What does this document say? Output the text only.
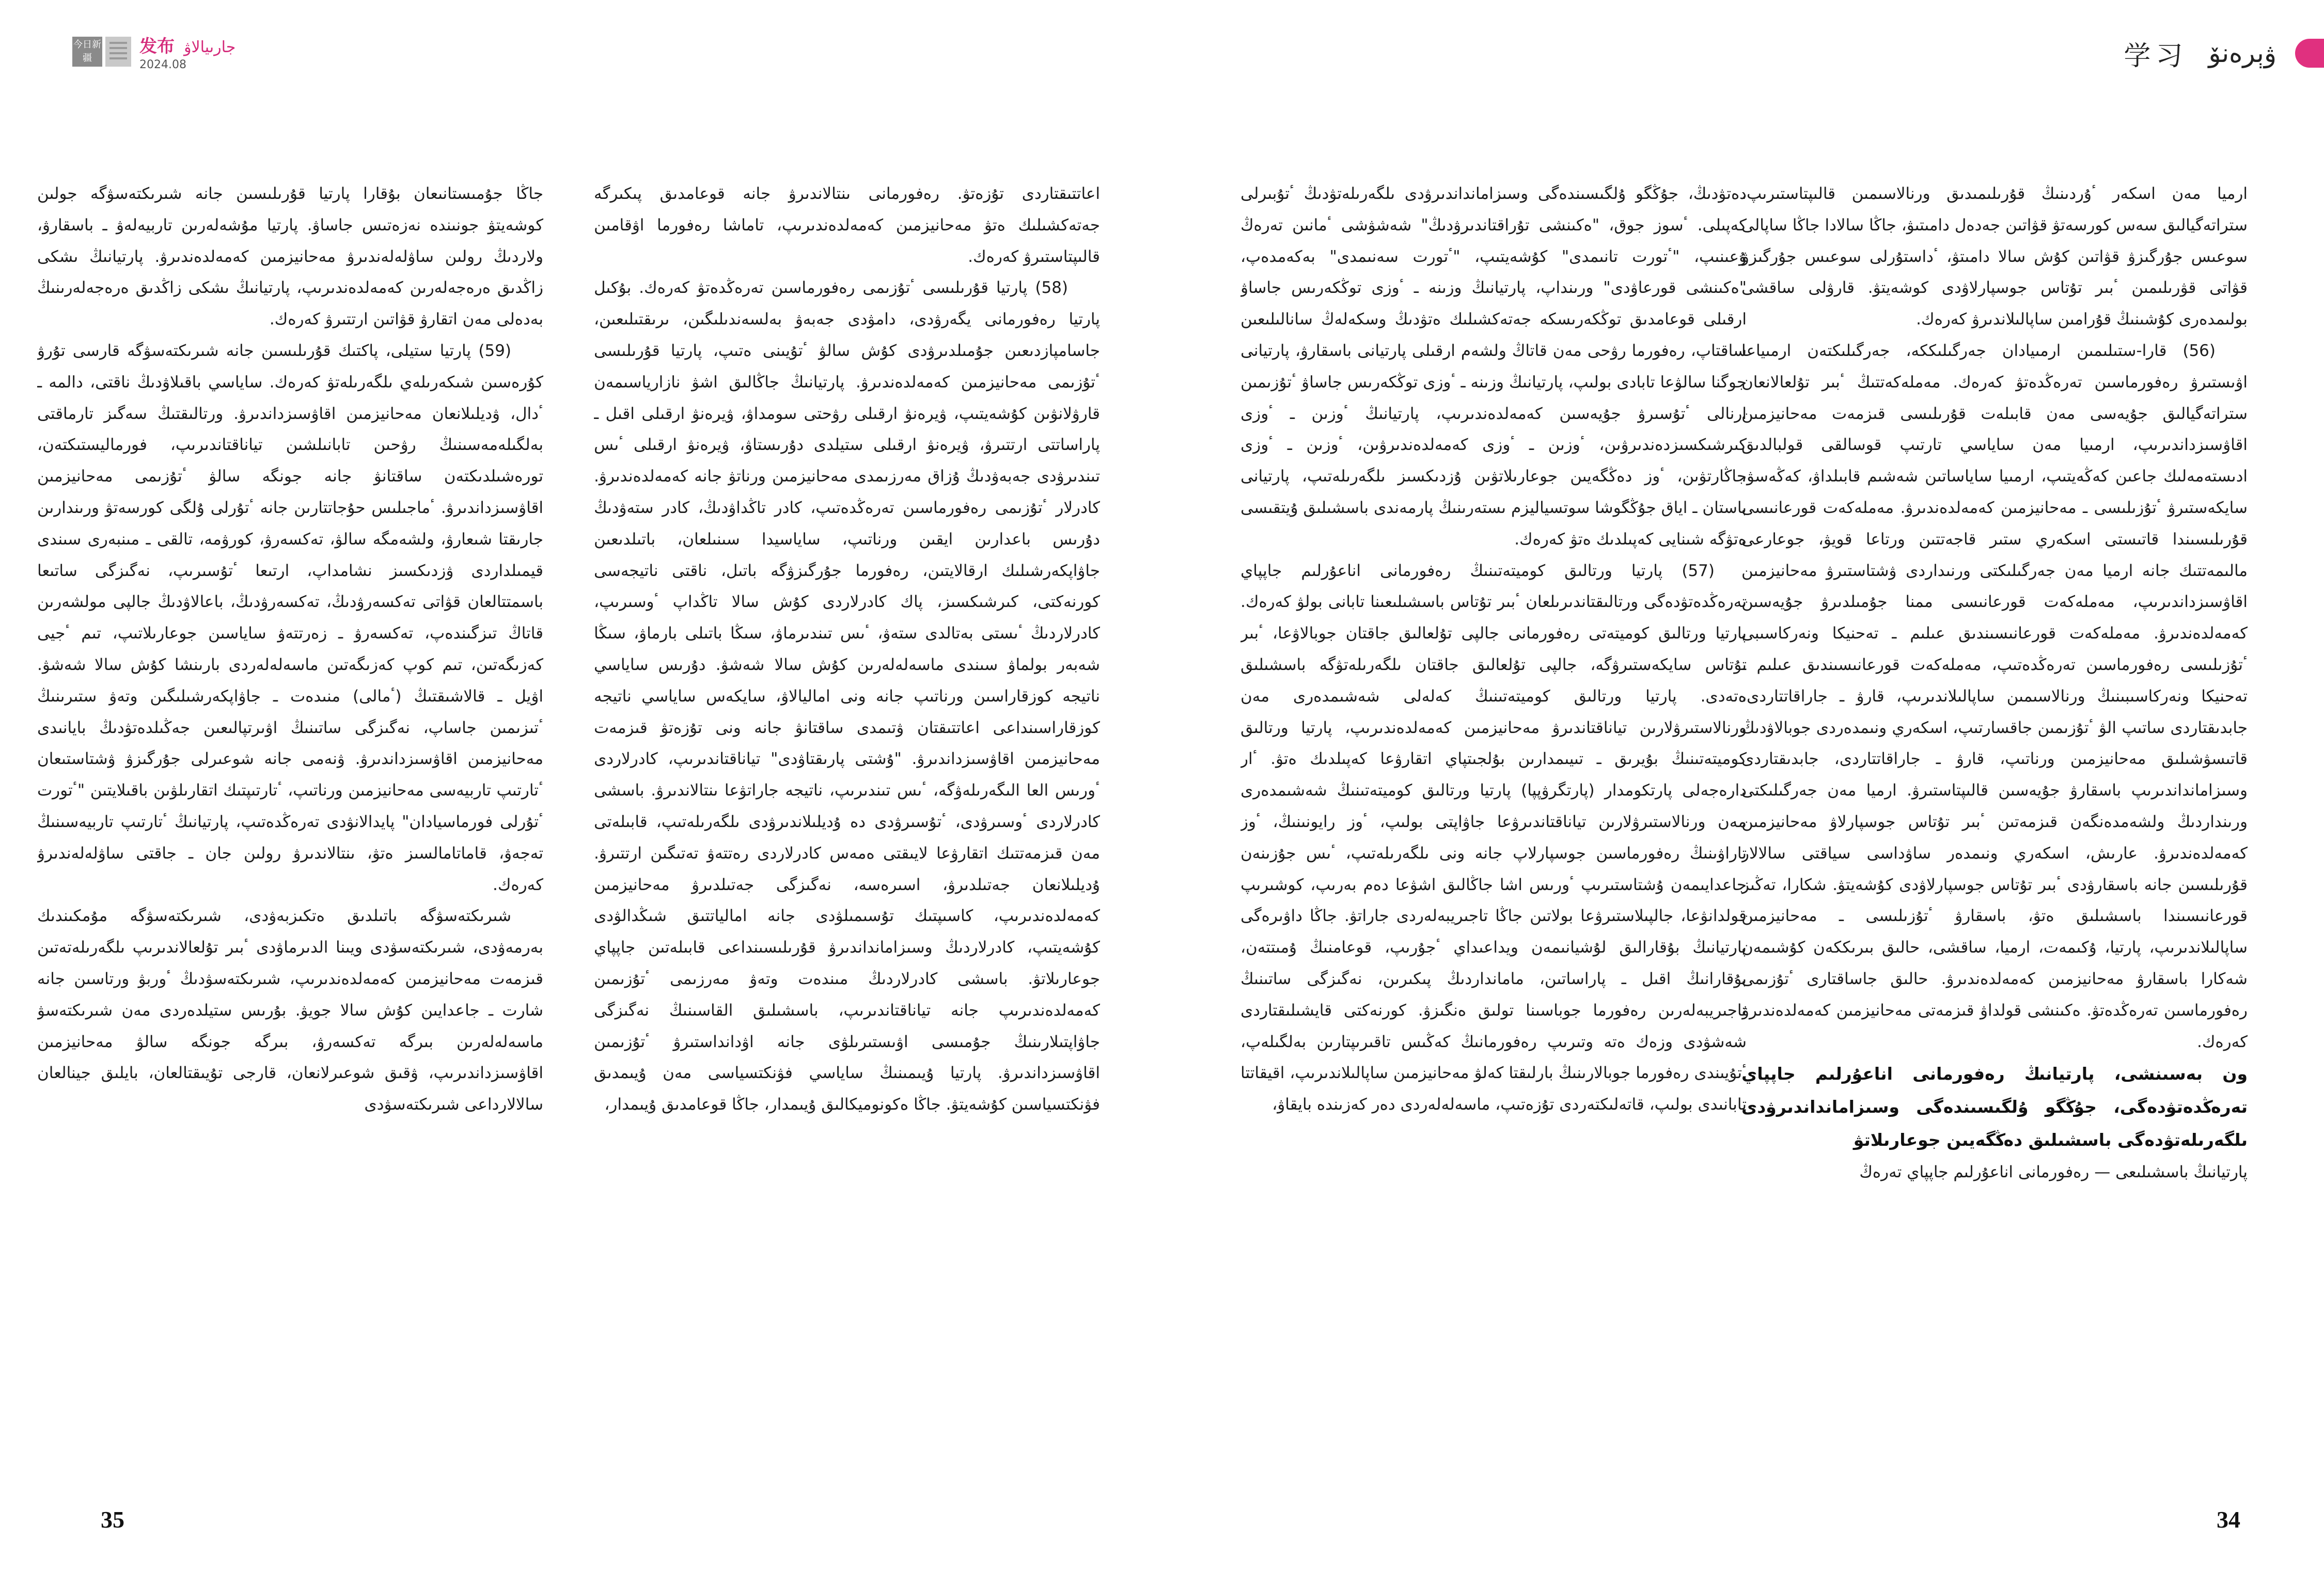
今日新疆
发布 جارىيالاۋ
2024.08

جاڭا جۇمىستانىعان بۇقارا پارتيا قۇرىلىسىن جانە شىرىكتەسۋگە جولىن كوشەيتۋ جونىندە نەزەتىس جاساۋ. پارتيا مۇشەلەرىن تاربيەلەۋ ـ باسقارۋ، ولاردىڭ رولىن ساۋلەلەندىرۋ مەحانيزمىن كەمەلدەندىرۋ. پارتيانىڭ ىشكى زاڭدىق ەرەجەلەرىن كەمەلدەندىرىپ، پارتيانىڭ ىشكى زاڭدىق ەرەجەلەرىنىڭ بەدەلى مەن اتقارۋ قۋاتىن ارتتىرۋ كەرەك.

(59) پارتيا ستيلى، پاكتىك قۇرىلىسىن جانە شىرىكتەسۋگە قارسى تۇرۋ كۇرەسىن شىكەرىلەي ىلگەرىلەتۋ كەرەك. ساياسي باقىلاۋدىڭ ناقتى، دالمە ـ ٴدال، ۋديلىلانعان مەحانيزمىن اقاۋسىزداندىرۋ. ورتالىقتىڭ سەگىز تارماقتى بەلگىلەمەسىنىڭ رۋحىن تابانىلشىن تياناقتاندىرىپ، فورماليستىكتەن، تورەشىلدىكتەن ساقتانۋ جانە جونگە سالۋ ٴتۇزىمى مەحانيزمىن اقاۋسىزداندىرۋ. ٴماجىلىس حۇجاتتارىن جانە ٴتۇرلى ۇلگى كورسەتۋ ورىندارىن جارىقتا شىعارۋ، ولشەمگە سالۋ، تەكسەرۋ، كورۋمە، تالقى ـ مىنبەرى سىندى قيمىلداردى ۋزدىكسىز نشامداپ، ارتىعا ٴتۇسىرىپ، نەگىزگى ساتىعا باسمتتالعان قۋاتى تەكسەرۋدىڭ، تەكسەرۋدىڭ، باعالاۋدىڭ جالپى مولشەرىن قاتاڭ تىزگىندەپ، تەكسەرۋ ـ زەرتتەۋ ساياسىن جوعارىلاتىپ، تىم ٴجيى كەزىگەتىن، تىم كوپ كەزىگەتىن ماسەلەلەردى بارىنشا كۇش سالا شەشۋ. اۋيل ـ قالاشىقتىڭ (ٴمالى) منىدەت ـ جاۋاپكەرشىلىگىن وتەۋ ستىرىنىڭ ٴتىزىمىن جاساپ، نەگىزگى ساتىنىڭ اۋىرتپالىعىن جەڭىلدەتۋدىڭ بايانىدى مەحانيزمىن اقاۋسىزداندىرۋ. ۋنەمى جانە شوعىرلى جۇرگىزۋ ۋشتاستىعان ٴتارتىپ تاربيەسى مەحانيزمىن ورناتىپ، ٴتارتىپتىك اتقارىلۋىن باقىلايتىن "ٴتورت ٴتۇرلى فورماسيادان" پايدالانۋدى تەرەڭدەتىپ، پارتيانىڭ ٴتارتىپ تاربيەسىنىڭ تەجەۋ، قاماتامالسىز ەتۋ، ىنتالاندىرۋ رولىن جان ـ جاقتى ساۋلەلەندىرۋ كەرەك.

شىرىكتەسۋگە باتىلدىق ەتكىزبەۋدى، شىرىكتەسۋگە مۇمكىندىك بەرمەۋدى، شىرىكتەسۋدى ويىنا الدىرماۋدى ٴبىر تۇلعالاندىرىپ ىلگەرىلەتەتىن قىزمەت مەحانيزمىن كەمەلدەندىرىپ، شىرىكتەسۋدىڭ ٴوربۋ ورتاسىن جانە شارت ـ جاعدايىن كۇش سالا جويۋ. بۇرىس ستيلدەردى مەن شىرىكتەسۋ ماسەلەلەرىن بىرگە تەكسەرۋ، بىرگە جونگە سالۋ مەحانيزمىن اقاۋسىزداندىرىپ، ۋقىق شوعىرلانعان، قارجى تۇيىقتالعان، بايلىق جينالعان سالالارداعى شىرىكتەسۋدى

اعاتتىقتاردى تۇزەتۋ. رەفورمانى ىنتالاندىرۋ جانە قوعامدىق پىكىرگە جەتەكشىلىك ەتۋ مەحانيزمىن كەمەلدەندىرىپ، تاماشا رەفورما اۋقامىن قالىپتاستىرۋ كەرەك.

(58) پارتيا قۇرىلىسى ٴتۇزىمى رەفورماسىن تەرەڭدەتۋ كەرەك. بۇكىل پارتيا رەفورمانى يگەرۋدى، دامۋدى جەبەۋ بەلسەندىلىگىن، ىرىقتىلىعىن، جاسامپازدىعىن جۇمىلدىرۋدى كۇش سالۋ ٴتۇيىنى ەتىپ، پارتيا قۇرىلىسى ٴتۇزىمى مەحانيزمىن كەمەلدەندىرۋ. پارتيانىڭ جاڭالىق اشۋ نازارياسىمەن قارۋلانۋىن كۇشەيتىپ، ۋيرەنۋ ارقىلى رۋحتى سومداۋ، ۋيرەنۋ ارقىلى اقىل ـ پاراساتتى ارتتىرۋ، ۋيرەنۋ ارقىلى ستيلدى دۇرىستاۋ، ۋيرەنۋ ارقىلى ٴىس تىندىرۋدى جەبەۋدىڭ ۇزاق مەرزىمدى مەحانيزمىن ورناتۋ جانە كەمەلدەندىرۋ. كادرلار ٴتۇزىمى رەفورماسىن تەرەڭدەتىپ، كادر تاڭداۋدىڭ، كادر ستەۋدىڭ دۇرىس باعدارىن ايقىن ورناتىپ، ساياسيدا سىنىلعان، باتىلدىعىن جاۋاپكەرشىلىك ارقالايتىن، رەفورما جۇرگىزۋگە باتىل، ناقتى ناتيجەسى كورنەكتى، كىرشىكسىز، پاك كادرلاردى كۇش سالا تاڭداپ ٴوسىرىپ، كادرلاردىڭ ٴىستى بەتالدى ستەۋ، ٴىس تىندىرماۋ، سىڭا باتىلى بارماۋ، سىڭا شەبەر بولماۋ سىندى ماسەلەلەرىن كۇش سالا شەشۋ. دۇرىس ساياسي ناتيجە كوزقاراسىن ورناتىپ جانە ونى اماليالاۋ، سايكەس ساياسي ناتيجە كوزقاراسىنداعى اعاتتىقتان ۋتىمدى ساقتانۋ جانە ونى تۇزەتۋ قىزمەت مەحانيزمىن اقاۋسىزداندىرۋ. "ۇشتى پارىقتاۋدى" تياناقتاندىرىپ، كادرلاردى ٴورىس العا الىگەرىلەۋگە، ٴىس تىندىرىپ، ناتيجە جاراتۋعا ىنتالاندىرۋ. باسشى كادرلاردى ٴوسىرۋدى، ٴتۇسىرۋدى دە ۇديلىلاندىرۋدى ىلگەرىلەتىپ، قابىلەتى مەن قىزمەتتىك اتقارۋعا لايىقتى ەمەس كادرلاردى رەتتەۋ تەتىگىن ارتتىرۋ. ۇديلىلانعان جەتىلدىرۋ، اسىرەسە، نەگىزگى جەتىلدىرۋ مەحانيزمىن كەمەلدەندىرىپ، كاسىپتىك تۇسىمىلۋدى جانە امالياتتىق شىڭدالۋدى كۇشەيتىپ، كادرلاردىڭ وسىزامانداندىرۋ قۇرىلىسىنداعى قابىلەتىن جاپپاي جوعارىلاتۋ. باسشى كادرلاردىڭ مىندەت وتەۋ مەرزىمى ٴتۇزىمىن كەمەلدەندىرىپ جانە تياناقتاندىرىپ، باسشىلىق القاسىنىڭ نەگىزگى جاۋاپتىلارىنىڭ جۇمىسى اۋىستىرىلۋى جانە اۋدانداستىرۋ ٴتۇزىمىن اقاۋسىزداندىرۋ. پارتيا ۇيىمىنىڭ ساياسي فۋنكتسياسى مەن ۇيىمدىق فۋنكتسياسىن كۇشەيتۋ. جاڭا ەكونوميكالىق ۇيىمدار، جاڭا قوعامدىق ۇيىمدار،

35
学习 ۋېرەنۆ

دەتۋدىڭ، جۇڭگو ۇلگىسىندەگى وسىزامانداندىرۋدى ىلگەرىلەتۋدىڭ ٴتۇبىرلى كەپىلى. ٴسوز جوق، "ەكىنشى تۇراقتاندىرۋدىڭ" شەشۋشى ٴمانىن تەرەڭ ۇعىنىپ، "ٴتورت تانىمدى" كۇشەيتىپ، "ٴتورت سەنىمدى" بەكەمدەپ، "ەكىنشى قورعاۋدى" ورىنداپ، پارتيانىڭ وزىنە ـ ٴوزى توڭكەرىس جاساۋ ارقىلى قوعامدىق توڭكەرىسكە جەتەكشىلىك ەتۋدىڭ وسكەلەڭ سانالىلىعىن ساقتاپ، رەفورما رۋحى مەن قاتاڭ ولشەم ارقىلى پارتيانى باسقارۋ، پارتيانى جوگنا سالۋعا تابادى بولىپ، پارتيانىڭ وزىنە ـ ٴوزى توڭكەرىس جاساۋ ٴتۇزىمىن ارنالى ٴتۇسىرۋ جۇيەسىن كەمەلدەندىرىپ، پارتيانىڭ ٴوزىن ـ ٴوزى كىرشىكسىزدەندىرۋىن، ٴوزىن ـ ٴوزى كەمەلدەندىرۋىن، ٴوزىن ـ ٴوزى جاڭارتۋىن، ٴوز دەڭگەيىن جوعارىلاتۋىن ۇزدىكسىز ىلگەرىلەتىپ، پارتيانى باستان ـ اياق جۇڭگوشا سوتسياليزم ىستەرىنىڭ پارمەندى باسشىلىق ۇيتقىسى ەتۋگە شىنايى كەپىلدىك ەتۋ كەرەك.

(57) پارتيا ورتالىق كوميتەتىنىڭ رەفورمانى اناعۇرلىم جاپپاي تەرەڭدەتۋدەگى ورتالىقتاندىرىلعان ٴبىر تۇتاس باسشىلىعىنا تابانى بولۋ كەرەك. پارتيا ورتالىق كوميتەتى رەفورمانى جالپى تۇلعالىق جاقتان جوبالاۋعا، ٴبىر تۇتاس سايكەستىرۋگە، جالپى تۇلعالىق جاقتان ىلگەرىلەتۋگە باسشىلىق ەتەدى. پارتيا ورتالىق كوميتەتىنىڭ كەلەلى شەشىمدەرى مەن ورنالاستىرۋلارىن تياناقتاندىرۋ مەحانيزمىن كەمەلدەندىرىپ، پارتيا ورتالىق كوميتەتىنىڭ بۇيرىق ـ تىيىمدارىن بۇلجىتپاي اتقارۋعا كەپىلدىك ەتۋ. ٴار دارەجەلى پارتكومدار (پارتگرۋپپا) پارتيا ورتالىق كوميتەتىنىڭ شەشىمدەرى مەن ورنالاستىرۋلارىن تياناقتاندىرۋعا جاۋاپتى بولىپ، ٴوز رايونىنىڭ، ٴوز تاراۋىنىڭ رەفورماسىن جوسپارلاپ جانە ونى ىلگەرىلەتىپ، ٴىس جۇزىنەن جاعدايىمەن ۇشتاستىرىپ ٴورىس اشا جاڭالىق اشۋعا دەم بەرىپ، كوشىرىپ قولدانۋعا، جالپىلاستىرۋعا بولاتىن جاڭا تاجىريبەلەردى جاراتۋ. جاڭا داۋىرەگى پارتيانىڭ بۇقارالىق لۇشيانىمەن ويداعىداي ٴجۇرىپ، قوعامنىڭ ۇمىتتەن، بۇقارانىڭ اقىل ـ پاراساتىن، مامانداردىڭ پىكىرىن، نەگىزگى ساتىنىڭ تاجىريبەلەرىن رەفورما جوباسىنا تولىق ەنگىزۋ. كورنەكتى قايشىلىقتاردى شەشۋدى وزەك ەتە وتىرىپ رەفورمانىڭ كەڭىس تاقىرىپتارىن بەلگىلەپ، ٴتۇيىندى رەفورما جوبالارىنىڭ بارلىقتا كەلۋ مەحانيزمىن ساپالىلاندىرىپ، اقيقاتتا تابانىدى بولىپ، قاتەلىكتەردى تۇزەتىپ، ماسەلەلەردى دەر كەزىندە بايقاۋ،

ارميا مەن اسكەر ٴۇردىنىڭ قۇرىلىمىدىق ورنالاسىمىن قالىپتاستىرىپ، ستراتەگيالىق سەس كورسەتۋ قۋاتىن جەدەل دامىتىۋ، جاڭا سالادا جاڭا ساپالى سوعىس جۇرگىزۋ قۋاتىن كۇش سالا دامىتۋ، ٴداستۇرلى سوعىس جۇرگىزۋ قۋاتى قۋرىلىمىن ٴبىر تۇتاس جوسپارلاۋدى كوشەيتۋ. قارۋلى ساقشى بولىمدەرى كۇشىنىڭ قۇرامىن ساپالىلاندىرۋ كەرەك.

(56) قارا-ستىلىمىن ارمىيادان جەرگىلىككە، جەرگىلىكتەن ارمىياعا اۋىستىرۋ رەفورماسىن تەرەڭدەتۋ كەرەك. مەملەكەتتىڭ ٴبىر تۇلعالانعان ستراتەگيالىق جۇيەسى مەن قابىلەت قۇرىلىسى قىزمەت مەحانيزمىن اقاۋسىزداندىرىپ، ارمىيا مەن ساياسي تارتىپ قوسالقى قولبالدىق ادىستەمەلىك جاعىن كەڭەيتىپ، ارمىيا ساياساتىن شەشىم قابىلداۋ، كەڭەسۋ، سايكەستىرۋ ٴتۇزىلىسى ـ مەحانيزمىن كەمەلدەندىرۋ. مەملەكەت قورعانىسى قۇرىلىسىندا قاتىستى اسكەري ستىر قاجەتتىن ورتاعا قويۋ، جوعارعى مالىمەتتىك جانە ارميا مەن جەرگىلىكتى ورنىداردى ۋشتاستىرۋ مەحانيزمىن اقاۋسىزداندىرىپ، مەملەكەت قورعانىسى ممنا جۇمىلدىرۋ جۇيەسىن كەمەلدەندىرۋ. مەملەكەت قورعانىسىندىق عىلىم ـ تەحنيكا ونەركاسىبى ٴتۇزىلىسى رەفورماسىن تەرەڭدەتىپ، مەملەكەت قورعانىسىندىق عىلىم ـ تەحنيكا ونەركاسىبىنىڭ ورنالاسىمىن ساپالىلاندىرىپ، قارۋ ـ جاراقاتتاردى، جابدىقتاردى ساتىپ الۋ ٴتۇزىمىن جاقسارتىپ، اسكەري ونىمدەردى جوبالاۋدىڭ قاتىسۋشىلىق مەحانيزمىن ورناتىپ، قارۋ ـ جاراقاتتاردى، جابدىقتاردى وسىزامانداندىرىپ باسقارۋ جۇيەسىن قالىپتاستىرۋ. ارميا مەن جەرگىلىكتى ورىنداردىڭ ولشەمدەنگەن قىزمەتىن ٴبىر تۇتاس جوسپارلاۋ مەحانيزمىن كەمەلدەندىرۋ. عارىش، اسكەري ونىمدەر ساۋداسى سياقتى سالالار قۇرىلىسىن جانە باسقارۋدى ٴبىر تۇتاس جوسپارلاۋدى كۇشەيتۋ. شكارا، تەڭىز قورعانىسىندا باسشىلىق ەتۋ، باسقارۋ ٴتۇزىلىسى ـ مەحانيزمىن ساپالىلاندىرىپ، پارتيا، ۇكىمەت، ارميا، ساقشى، حالىق بىرىككەن كۇشىمەن شەكارا باسقارۋ مەحانيزمىن كەمەلدەندىرۋ. حالىق جاساقتارى ٴتۇزىمى رەفورماسىن تەرەڭدەتۋ. ەكىنشى قولداۋ قىزمەتى مەحانيزمىن كەمەلدەندىرۋ كەرەك.

ون بەسىنشى، پارتيانىڭ رەفورمانى اناعۇرلىم جاپپاي تەرەڭدەتۋدەگى، جۇڭگو ۇلگىسىندەگى وسىزامانداندىرۋدى ىلگەرىلەتۋدەگى باسشىلىق دەڭگەيىن جوعارىلاتۋ

پارتيانىڭ باسشىلىعى — رەفورمانى اناعۇرلىم جاپپاي تەرەڭ

34
